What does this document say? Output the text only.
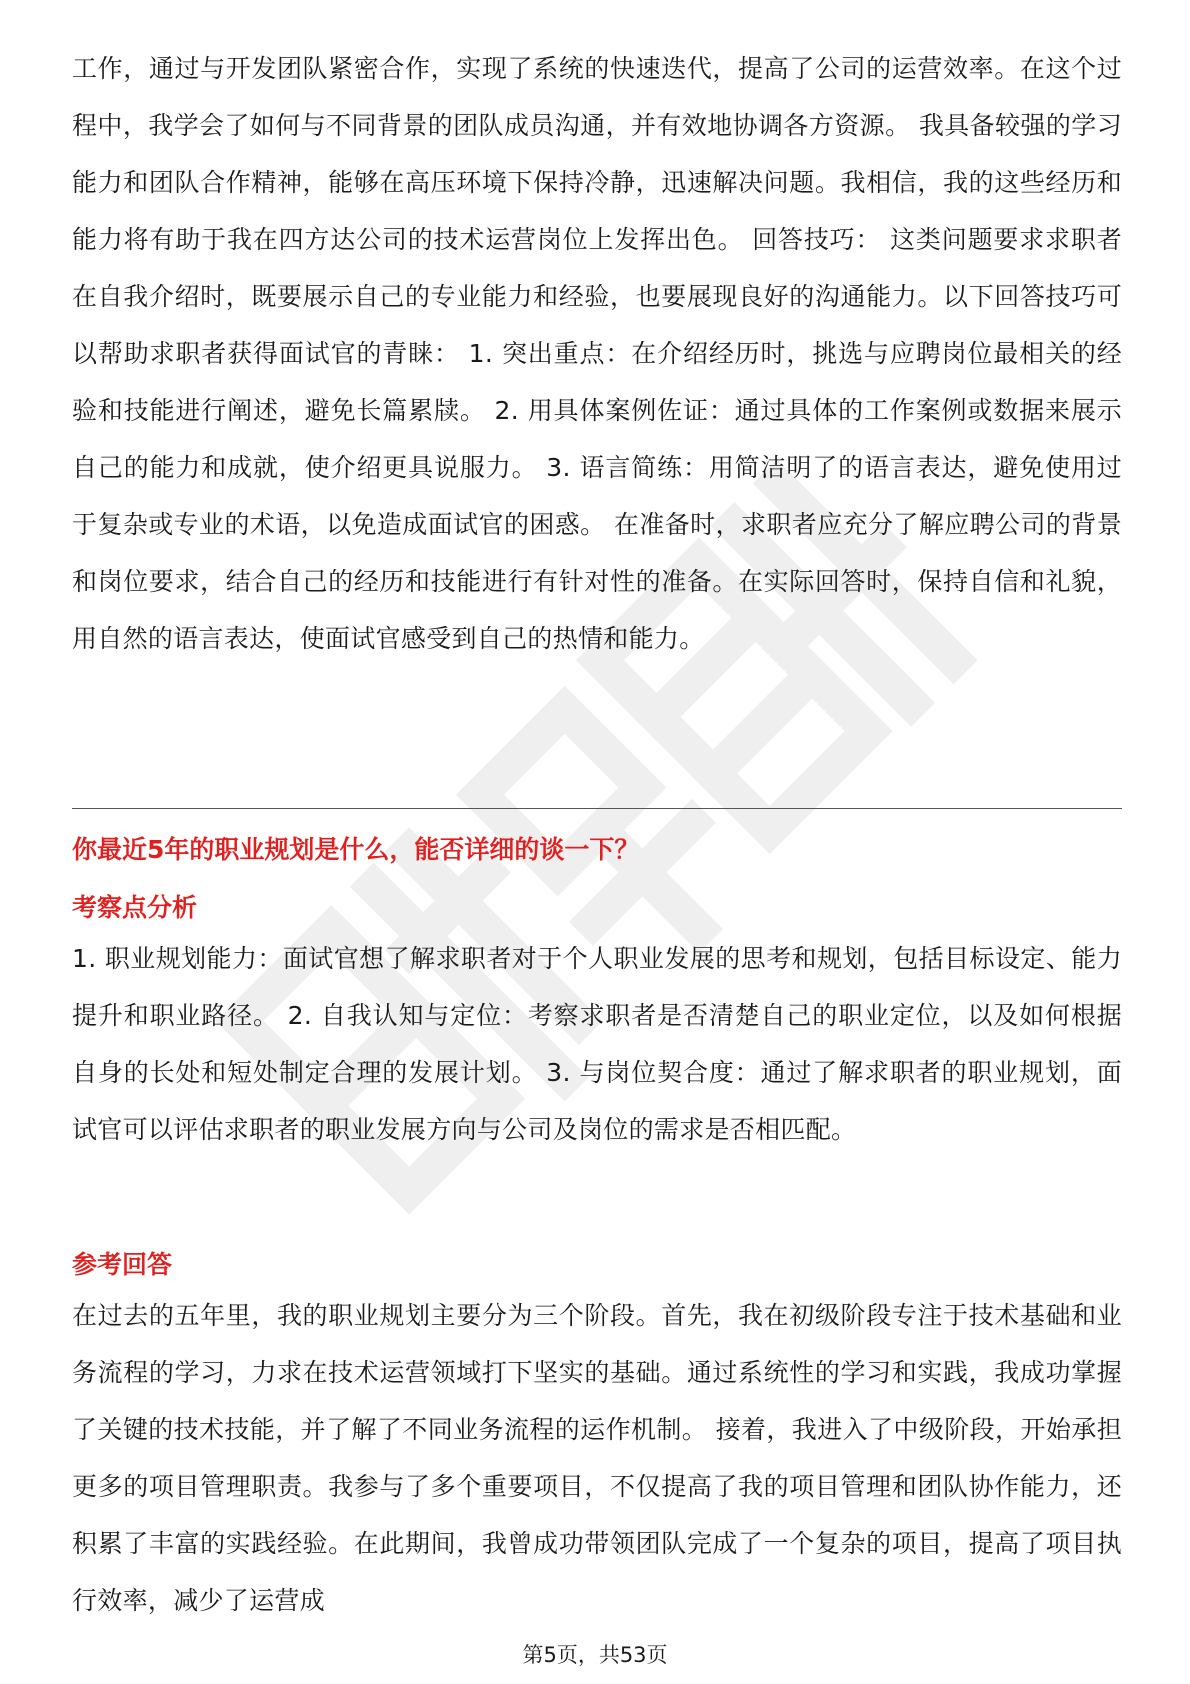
工作，通过与开发团队紧密合作，实现了系统的快速迭代，提高了公司的运营效率。在这个过程中，我学会了如何与不同背景的团队成员沟通，并有效地协调各方资源。 我具备较强的学习能力和团队合作精神，能够在高压环境下保持冷静，迅速解决问题。我相信，我的这些经历和能力将有助于我在四方达公司的技术运营岗位上发挥出色。 回答技巧： 这类问题要求求职者在自我介绍时，既要展示自己的专业能力和经验，也要展现良好的沟通能力。以下回答技巧可以帮助求职者获得面试官的青睐： 1. 突出重点：在介绍经历时，挑选与应聘岗位最相关的经验和技能进行阐述，避免长篇累牍。 2. 用具体案例佐证：通过具体的工作案例或数据来展示自己的能力和成就，使介绍更具说服力。 3. 语言简练：用简洁明了的语言表达，避免使用过于复杂或专业的术语，以免造成面试官的困惑。 在准备时，求职者应充分了解应聘公司的背景和岗位要求，结合自己的经历和技能进行有针对性的准备。在实际回答时，保持自信和礼貌，用自然的语言表达，使面试官感受到自己的热情和能力。

你最近5年的职业规划是什么，能否详细的谈一下？
考察点分析

1. 职业规划能力：面试官想了解求职者对于个人职业发展的思考和规划，包括目标设定、能力提升和职业路径。 2. 自我认知与定位：考察求职者是否清楚自己的职业定位，以及如何根据自身的长处和短处制定合理的发展计划。 3. 与岗位契合度：通过了解求职者的职业规划，面试官可以评估求职者的职业发展方向与公司及岗位的需求是否相匹配。

参考回答

在过去的五年里，我的职业规划主要分为三个阶段。首先，我在初级阶段专注于技术基础和业务流程的学习，力求在技术运营领域打下坚实的基础。通过系统性的学习和实践，我成功掌握了关键的技术技能，并了解了不同业务流程的运作机制。 接着，我进入了中级阶段，开始承担更多的项目管理职责。我参与了多个重要项目，不仅提高了我的项目管理和团队协作能力，还积累了丰富的实践经验。在此期间，我曾成功带领团队完成了一个复杂的项目，提高了项目执行效率，减少了运营成

第5页，共53页
